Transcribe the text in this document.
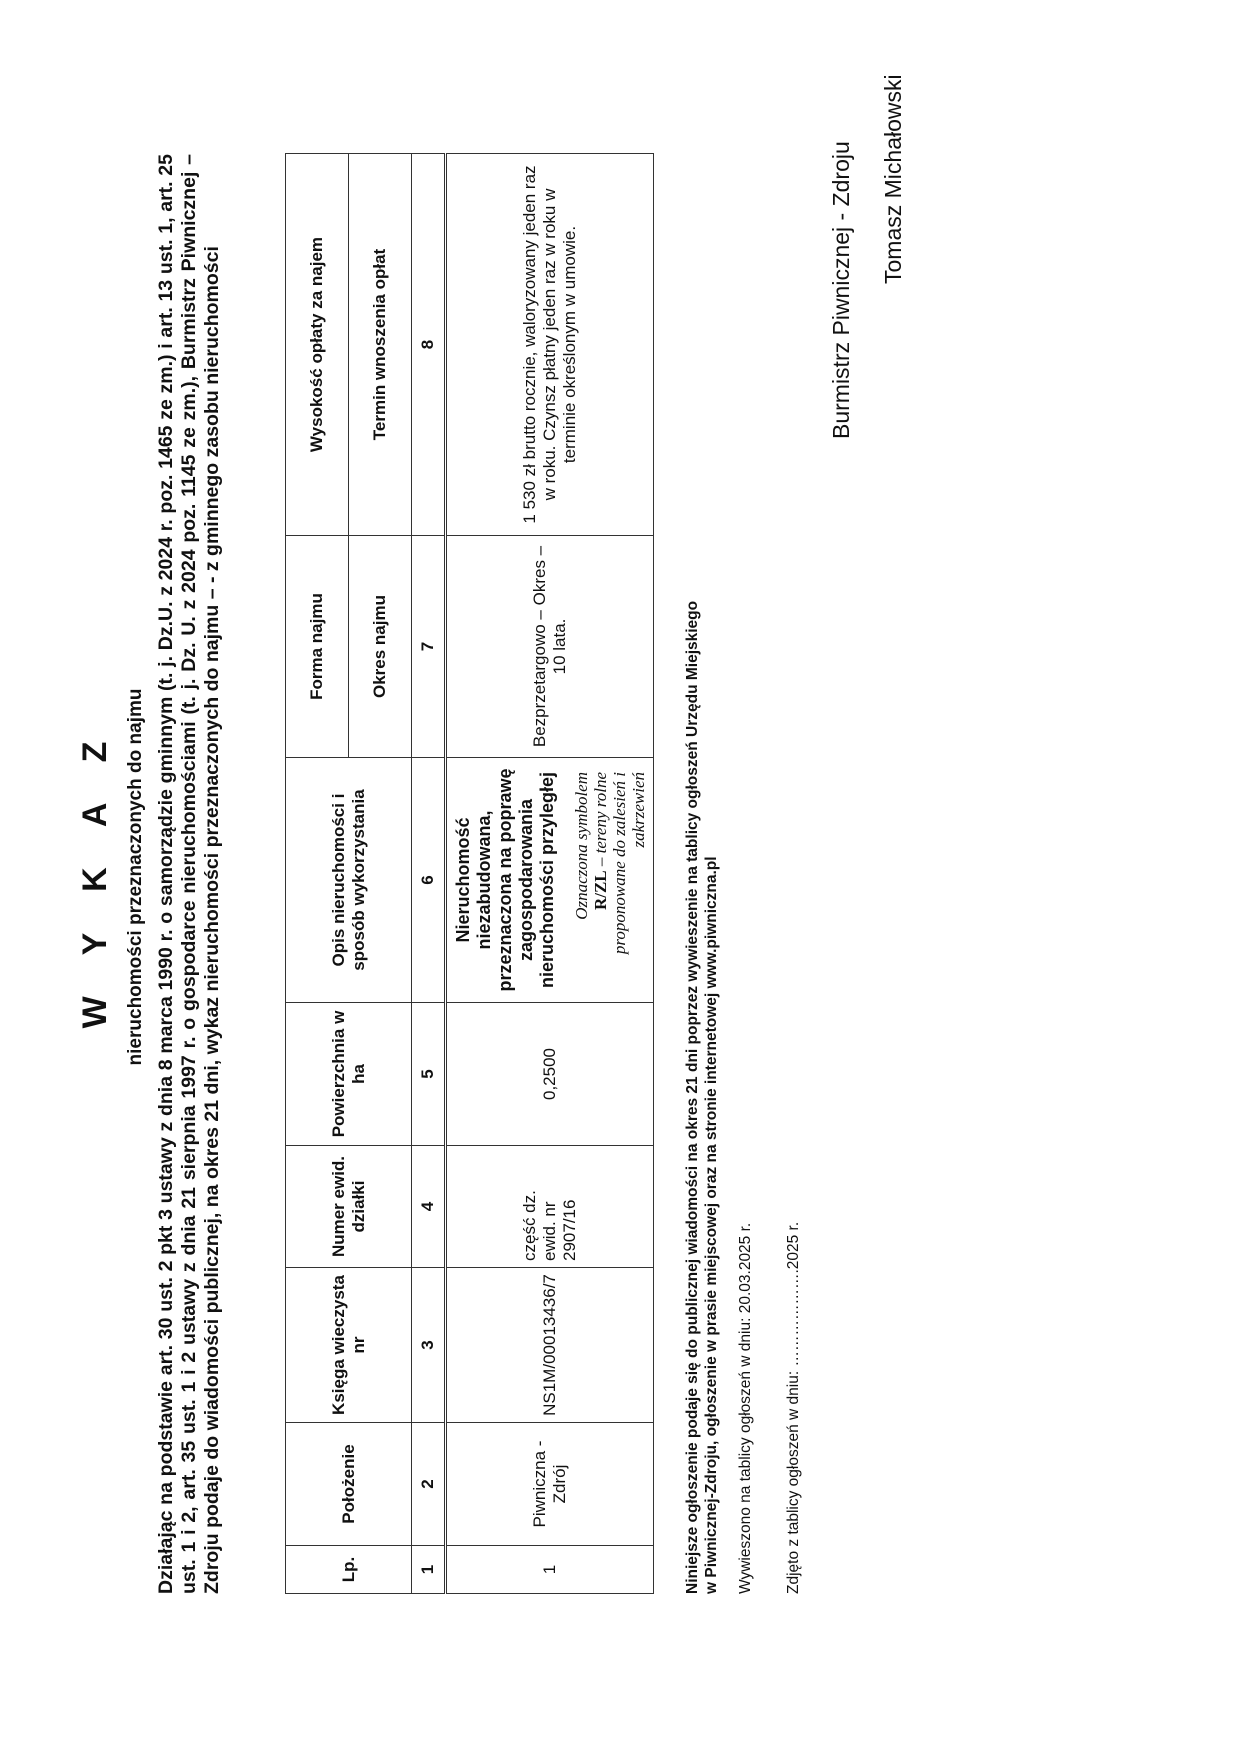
W Y K A Z nieruchomości przeznaczonych do najmu Działając na podstawie art. 30 ust. 2 pkt 3 ustawy z dnia 8 marca 1990 r. o samorządzie gminnym (t. j. Dz.U. z 2024 r. poz. 1465 ze zm.) i art. 13 ust. 1, art. 25 ust. 1 i 2, art. 35 ust. 1 i 2 ustawy z dnia 21 sierpnia 1997 r. o gospodarce nieruchomościami (t. j. Dz. U. z 2024 poz. 1145 ze zm.), Burmistrz Piwnicznej – Zdroju podaje do wiadomości publicznej, na okres 21 dni, wykaz nieruchomości przeznaczonych do najmu – - z gminnego zasobu nieruchomości	Lp.	Położenie	Księga wieczysta nr	Numer ewid. działki	Powierzchnia w ha	Opis nieruchomości i sposób wykorzystania	Forma najmu	Wysokość opłaty za najem
						Okres najmu	Termin wnoszenia opłat
1	2	3	4	5	6	7	8
1	Piwniczna - Zdrój	NS1M/00013436/7	część dz. ewid. nr 2907/16	0,2500	Nieruchomość niezabudowana, przeznaczona na poprawę zagospodarowania nieruchomości przyległej Oznaczona symbolem R/ZL – tereny rolne proponowane do zalesień i zakrzewień	Bezprzetargowo – Okres – 10 lata.	1 530 zł brutto rocznie, waloryzowany jeden raz w roku. Czynsz płatny jeden raz w roku w terminie określonym w umowie.
Niniejsze ogłoszenie podaje się do publicznej wiadomości na okres 21 dni poprzez wywieszenie na tablicy ogłoszeń Urzędu Miejskiego w Piwnicznej-Zdroju, ogłoszenie w prasie miejscowej oraz na stronie internetowej www.piwniczna.pl Wywieszono na tablicy ogłoszeń w dniu: 20.03.2025 r. Zdjęto z tablicy ogłoszeń w dniu: ……………….2025 r.
Burmistrz Piwnicznej - Zdroju Tomasz Michałowski
